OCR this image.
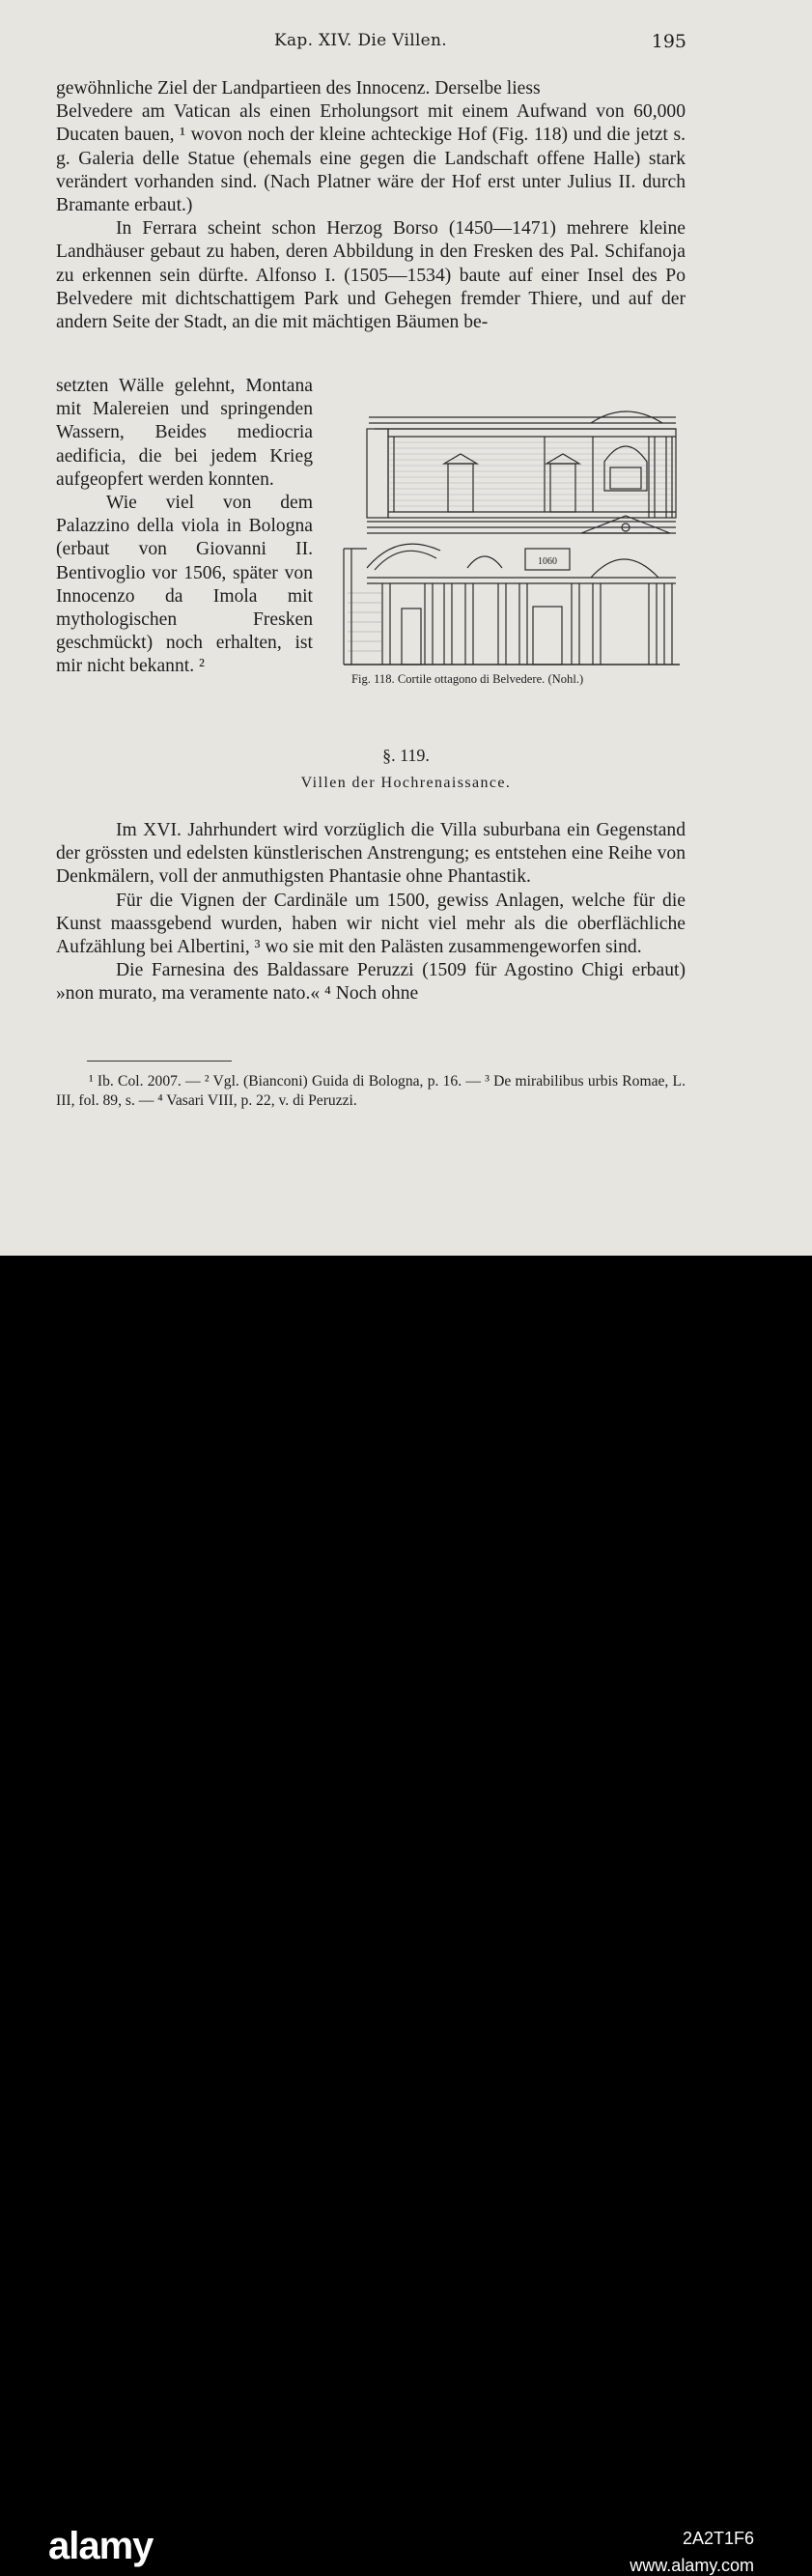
Kap. XIV. Die Villen.	195

gewöhnliche Ziel der Landpartieen des Innocenz. Derselbe liess

Belvedere am Vatican als einen Erholungsort mit einem Aufwand von 60,000 Ducaten bauen, ¹ wovon noch der kleine achteckige Hof (Fig. 118) und die jetzt s. g. Galeria delle Statue (ehemals eine gegen die Landschaft offene Halle) stark verändert vorhanden sind. (Nach Platner wäre der Hof erst unter Julius II. durch Bramante erbaut.)

In Ferrara scheint schon Herzog Borso (1450—1471) mehrere kleine Landhäuser gebaut zu haben, deren Abbildung in den Fresken des Pal. Schifanoja zu erkennen sein dürfte. Alfonso I. (1505—1534) baute auf einer Insel des Po Belvedere mit dichtschattigem Park und Gehegen fremder Thiere, und auf der andern Seite der Stadt, an die mit mächtigen Bäumen be-

setzten Wälle gelehnt, Montana mit Malereien und springenden Wassern, Beides mediocria aedificia, die bei jedem Krieg aufgeopfert werden konnten.

Wie viel von dem Palazzino della viola in Bologna (erbaut von Giovanni II. Bentivoglio vor 1506, später von Innocenzo da Imola mit mythologischen Fresken geschmückt) noch erhalten, ist mir nicht bekannt. ²

1060
Fig. 118. Cortile ottagono di Belvedere. (Nohl.)
§. 119.
Villen der Hochrenaissance.

Im XVI. Jahrhundert wird vorzüglich die Villa suburbana ein Gegenstand der grössten und edelsten künstlerischen Anstrengung; es entstehen eine Reihe von Denkmälern, voll der anmuthigsten Phantasie ohne Phantastik.

Für die Vignen der Cardinäle um 1500, gewiss Anlagen, welche für die Kunst maassgebend wurden, haben wir nicht viel mehr als die oberflächliche Aufzählung bei Albertini, ³ wo sie mit den Palästen zusammengeworfen sind.

Die Farnesina des Baldassare Peruzzi (1509 für Agostino Chigi erbaut) »non murato, ma veramente nato.« ⁴ Noch ohne

¹ Ib. Col. 2007. — ² Vgl. (Bianconi) Guida di Bologna, p. 16. — ³ De mirabilibus urbis Romae, L. III, fol. 89, s. — ⁴ Vasari VIII, p. 22, v. di Peruzzi.

alamy	2A2T1F6
www.alamy.com
